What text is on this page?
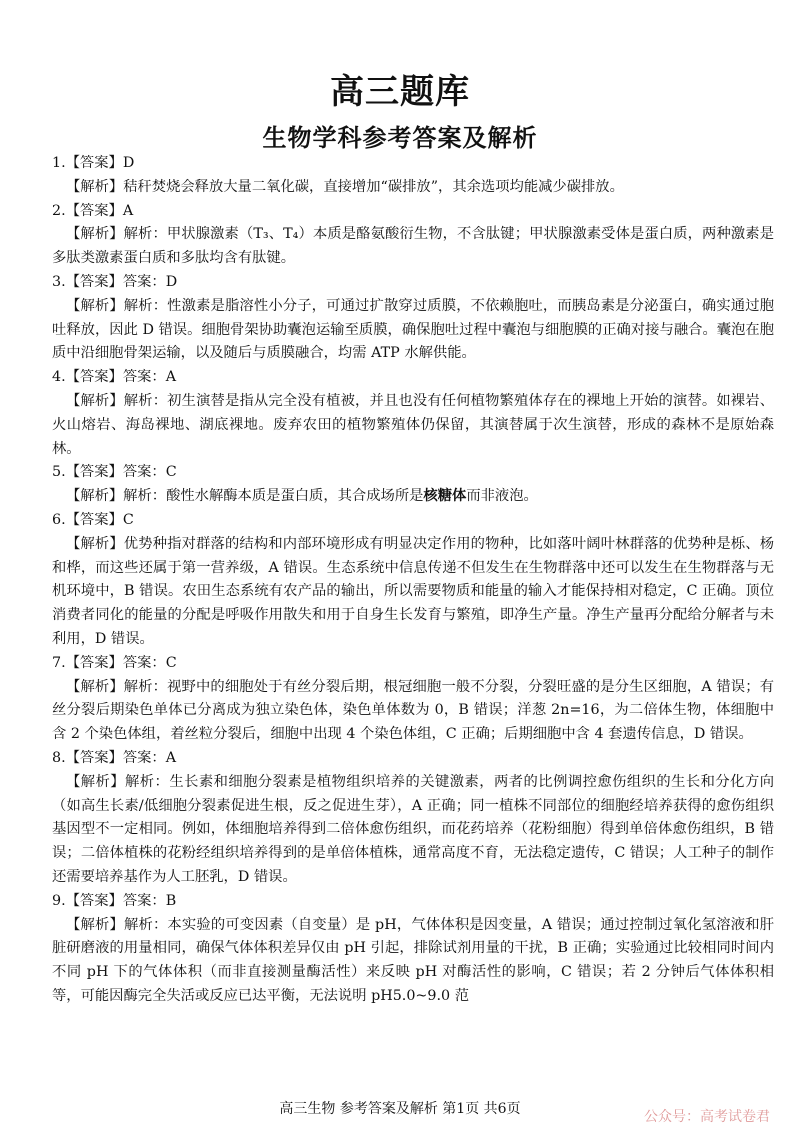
高三题库
生物学科参考答案及解析
1.【答案】D
【解析】秸秆焚烧会释放大量二氧化碳，直接增加“碳排放”，其余选项均能减少碳排放。
2.【答案】A
【解析】解析：甲状腺激素（T₃、T₄）本质是酪氨酸衍生物，不含肽键；甲状腺激素受体是蛋白质，两种激素是多肽类激素蛋白质和多肽均含有肽键。
3.【答案】答案：D
【解析】解析：性激素是脂溶性小分子，可通过扩散穿过质膜，不依赖胞吐，而胰岛素是分泌蛋白，确实通过胞吐释放，因此 D 错误。细胞骨架协助囊泡运输至质膜，确保胞吐过程中囊泡与细胞膜的正确对接与融合。囊泡在胞质中沿细胞骨架运输，以及随后与质膜融合，均需 ATP 水解供能。
4.【答案】答案：A
【解析】解析：初生演替是指从完全没有植被，并且也没有任何植物繁殖体存在的裸地上开始的演替。如裸岩、火山熔岩、海岛裸地、湖底裸地。废弃农田的植物繁殖体仍保留，其演替属于次生演替，形成的森林不是原始森林。
5.【答案】答案：C
【解析】解析：酸性水解酶本质是蛋白质，其合成场所是核糖体而非液泡。
6.【答案】C
【解析】优势种指对群落的结构和内部环境形成有明显决定作用的物种，比如落叶阔叶林群落的优势种是栎、杨和桦，而这些还属于第一营养级，A 错误。生态系统中信息传递不但发生在生物群落中还可以发生在生物群落与无机环境中，B 错误。农田生态系统有农产品的输出，所以需要物质和能量的输入才能保持相对稳定，C 正确。顶位消费者同化的能量的分配是呼吸作用散失和用于自身生长发育与繁殖，即净生产量。净生产量再分配给分解者与未利用，D 错误。
7.【答案】答案：C
【解析】解析：视野中的细胞处于有丝分裂后期，根冠细胞一般不分裂，分裂旺盛的是分生区细胞，A 错误；有丝分裂后期染色单体已分离成为独立染色体，染色单体数为 0，B 错误；洋葱 2n=16，为二倍体生物，体细胞中含 2 个染色体组，着丝粒分裂后，细胞中出现 4 个染色体组，C 正确；后期细胞中含 4 套遗传信息，D 错误。
8.【答案】答案：A
【解析】解析：生长素和细胞分裂素是植物组织培养的关键激素，两者的比例调控愈伤组织的生长和分化方向（如高生长素/低细胞分裂素促进生根，反之促进生芽），A 正确；同一植株不同部位的细胞经培养获得的愈伤组织基因型不一定相同。例如，体细胞培养得到二倍体愈伤组织，而花药培养（花粉细胞）得到单倍体愈伤组织，B 错误；二倍体植株的花粉经组织培养得到的是单倍体植株，通常高度不育，无法稳定遗传，C 错误；人工种子的制作还需要培养基作为人工胚乳，D 错误。
9.【答案】答案：B
【解析】解析：本实验的可变因素（自变量）是 pH，气体体积是因变量，A 错误；通过控制过氧化氢溶液和肝脏研磨液的用量相同，确保气体体积差异仅由 pH 引起，排除试剂用量的干扰，B 正确；实验通过比较相同时间内不同 pH 下的气体体积（而非直接测量酶活性）来反映 pH 对酶活性的影响，C 错误；若 2 分钟后气体体积相等，可能因酶完全失活或反应已达平衡，无法说明 pH5.0~9.0 范
高三生物 参考答案及解析 第1页 共6页	公众号：高考试卷君
